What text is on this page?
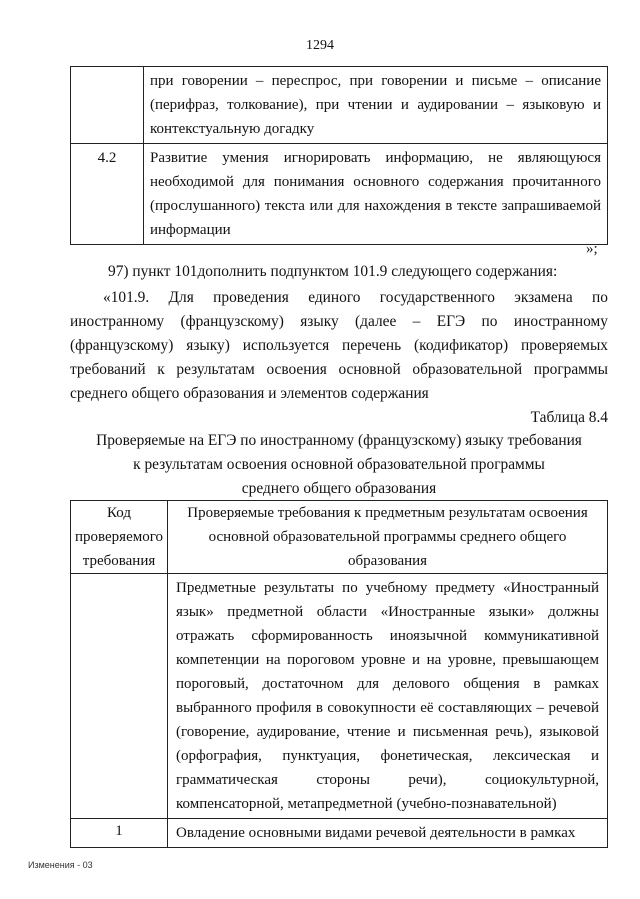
1294
	при говорении – переспрос, при говорении и письме – описание (перифраз, толкование), при чтении и аудировании – языковую и контекстуальную догадку
4.2	Развитие умения игнорировать информацию, не являющуюся необходимой для понимания основного содержания прочитанного (прослушанного) текста или для нахождения в тексте запрашиваемой информации
»;
97) пункт 101дополнить подпунктом 101.9 следующего содержания:
«101.9. Для проведения единого государственного экзамена по иностранному (французскому) языку (далее – ЕГЭ по иностранному (французскому) языку) используется перечень (кодификатор) проверяемых требований к результатам освоения основной образовательной программы среднего общего образования и элементов содержания
Таблица 8.4
Проверяемые на ЕГЭ по иностранному (французскому) языку требования
к результатам освоения основной образовательной программы
среднего общего образования
Код проверяемого требования	Проверяемые требования к предметным результатам освоения основной образовательной программы среднего общего образования
	Предметные результаты по учебному предмету «Иностранный язык» предметной области «Иностранные языки» должны отражать сформированность иноязычной коммуникативной компетенции на пороговом уровне и на уровне, превышающем пороговый, достаточном для делового общения в рамках выбранного профиля в совокупности её составляющих – речевой (говорение, аудирование, чтение и письменная речь), языковой (орфография, пунктуация, фонетическая, лексическая и грамматическая стороны речи), социокультурной, компенсаторной, метапредметной (учебно-познавательной)
1	Овладение основными видами речевой деятельности в рамках
Изменения - 03
